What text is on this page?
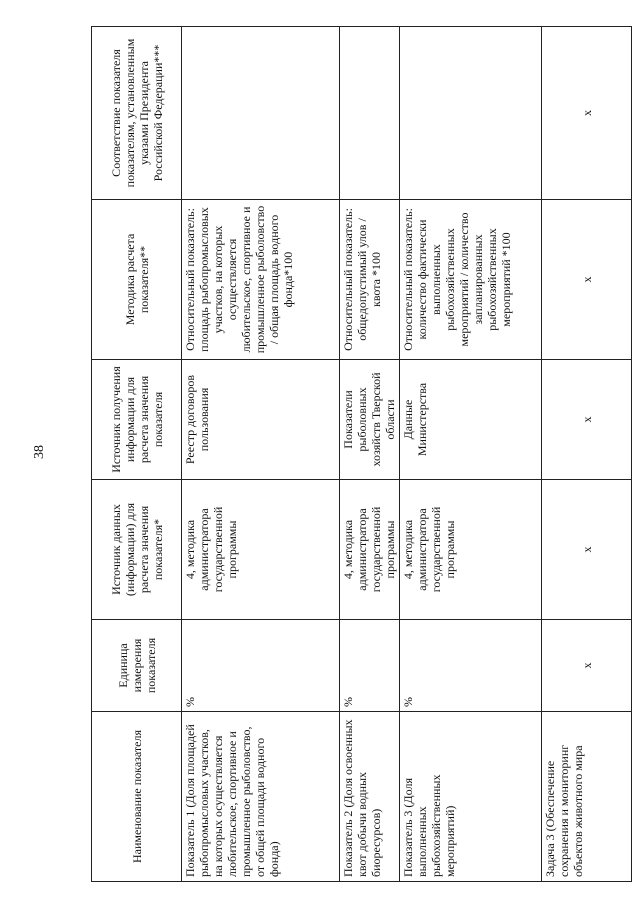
38
Наименование показателя	Единица измерения показателя	Источник данных (информации) для расчета значения показателя*	Источник получения информации для расчета значения показателя	Методика расчета показателя**	Соответствие показателя показателям, установленным указами Президента Российской Федерации***
Показатель 1 (Доля площадей рыбопромысловых участков, на которых осуществляется любительское, спортивное и промышленное рыболовство, от общей площади водного фонда)	%	4, методика администратора государственной программы	Реестр договоров пользования	Относительный показатель: площадь рыбопромысловых участков, на которых осуществляется любительское, спортивное и промышленное рыболовство / общая площадь водного фонда*100	
Показатель 2 (Доля освоенных квот добычи водных биоресурсов)	%	4, методика администратора государственной программы	Показатели рыболовных хозяйств Тверской области	Относительный показатель: общедопустимый улов / квота *100	
Показатель 3 (Доля выполненных рыбохозяйственных мероприятий)	%	4, методика администратора государственной программы	Данные Министерства	Относительный показатель: количество фактически выполненных рыбохозяйственных мероприятий / количество запланированных рыбохозяйственных мероприятий *100	
Задача 3 (Обеспечение сохранения и мониторинг объектов животного мира	x	x	x	x	x
